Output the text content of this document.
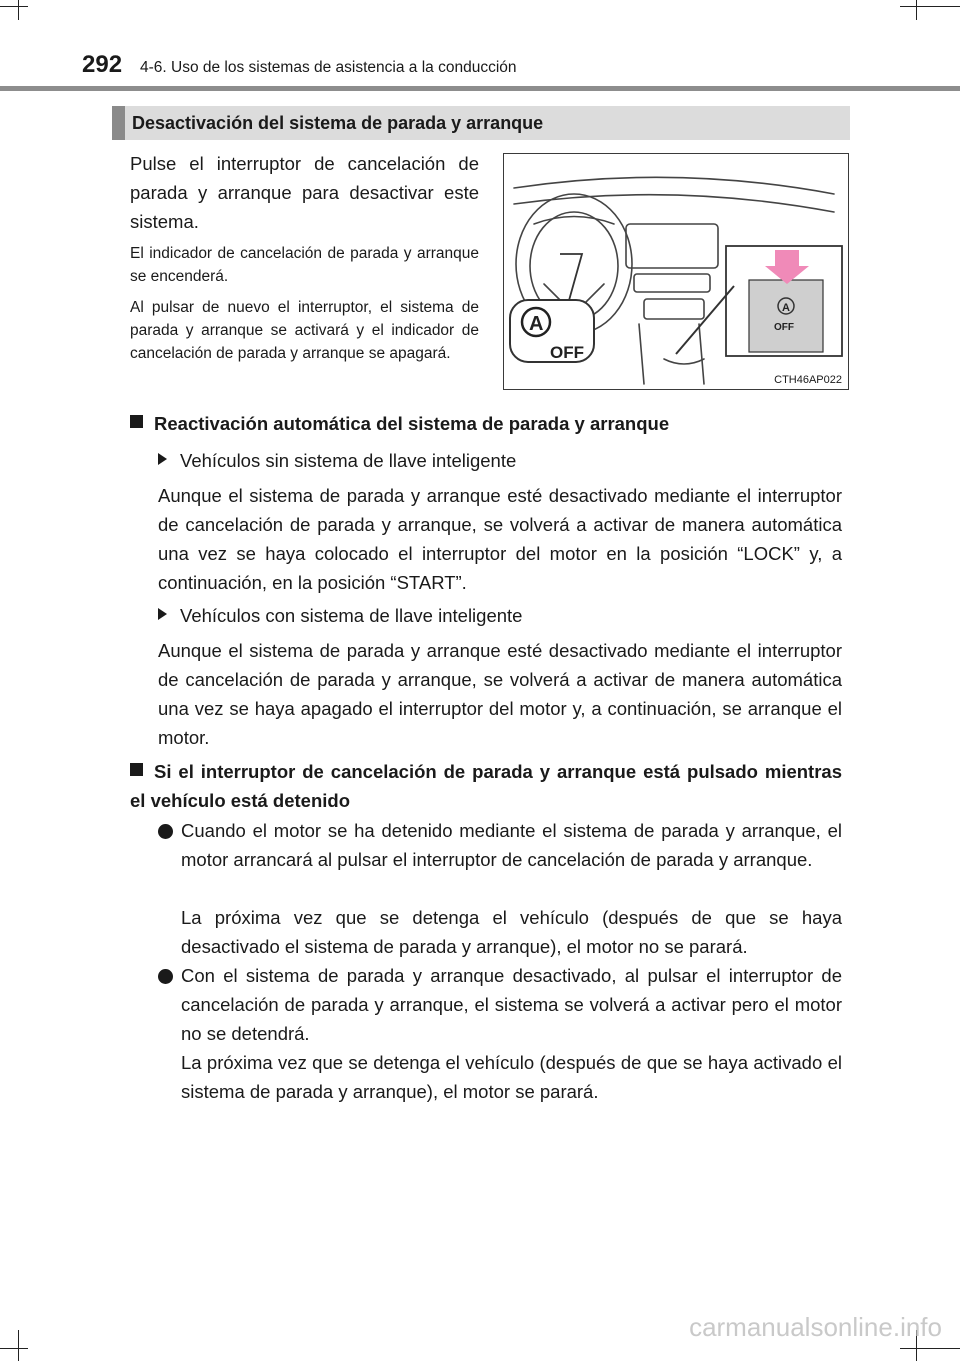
292 4-6. Uso de los sistemas de asistencia a la conducción
Desactivación del sistema de parada y arranque
Pulse el interruptor de cancelación de parada y arranque para desactivar este sistema.
El indicador de cancelación de parada y arranque se encenderá.
Al pulsar de nuevo el interruptor, el sistema de parada y arranque se activará y el indicador de cancelación de parada y arranque se apagará.
A
OFF
A
OFF
CTH46AP022
Reactivación automática del sistema de parada y arranque
Vehículos sin sistema de llave inteligente
Aunque el sistema de parada y arranque esté desactivado mediante el interruptor de cancelación de parada y arranque, se volverá a activar de manera automática una vez se haya colocado el interruptor del motor en la posición “LOCK” y, a continuación, en la posición “START”.
Vehículos con sistema de llave inteligente
Aunque el sistema de parada y arranque esté desactivado mediante el interruptor de cancelación de parada y arranque, se volverá a activar de manera automática una vez se haya apagado el interruptor del motor y, a continuación, se arranque el motor.
Si el interruptor de cancelación de parada y arranque está pulsado mientras el vehículo está detenido
Cuando el motor se ha detenido mediante el sistema de parada y arranque, el motor arrancará al pulsar el interruptor de cancelación de parada y arranque.
La próxima vez que se detenga el vehículo (después de que se haya desactivado el sistema de parada y arranque), el motor no se parará.
Con el sistema de parada y arranque desactivado, al pulsar el interruptor de cancelación de parada y arranque, el sistema se volverá a activar pero el motor no se detendrá.
La próxima vez que se detenga el vehículo (después de que se haya activado el sistema de parada y arranque), el motor se parará.
carmanualsonline.info
